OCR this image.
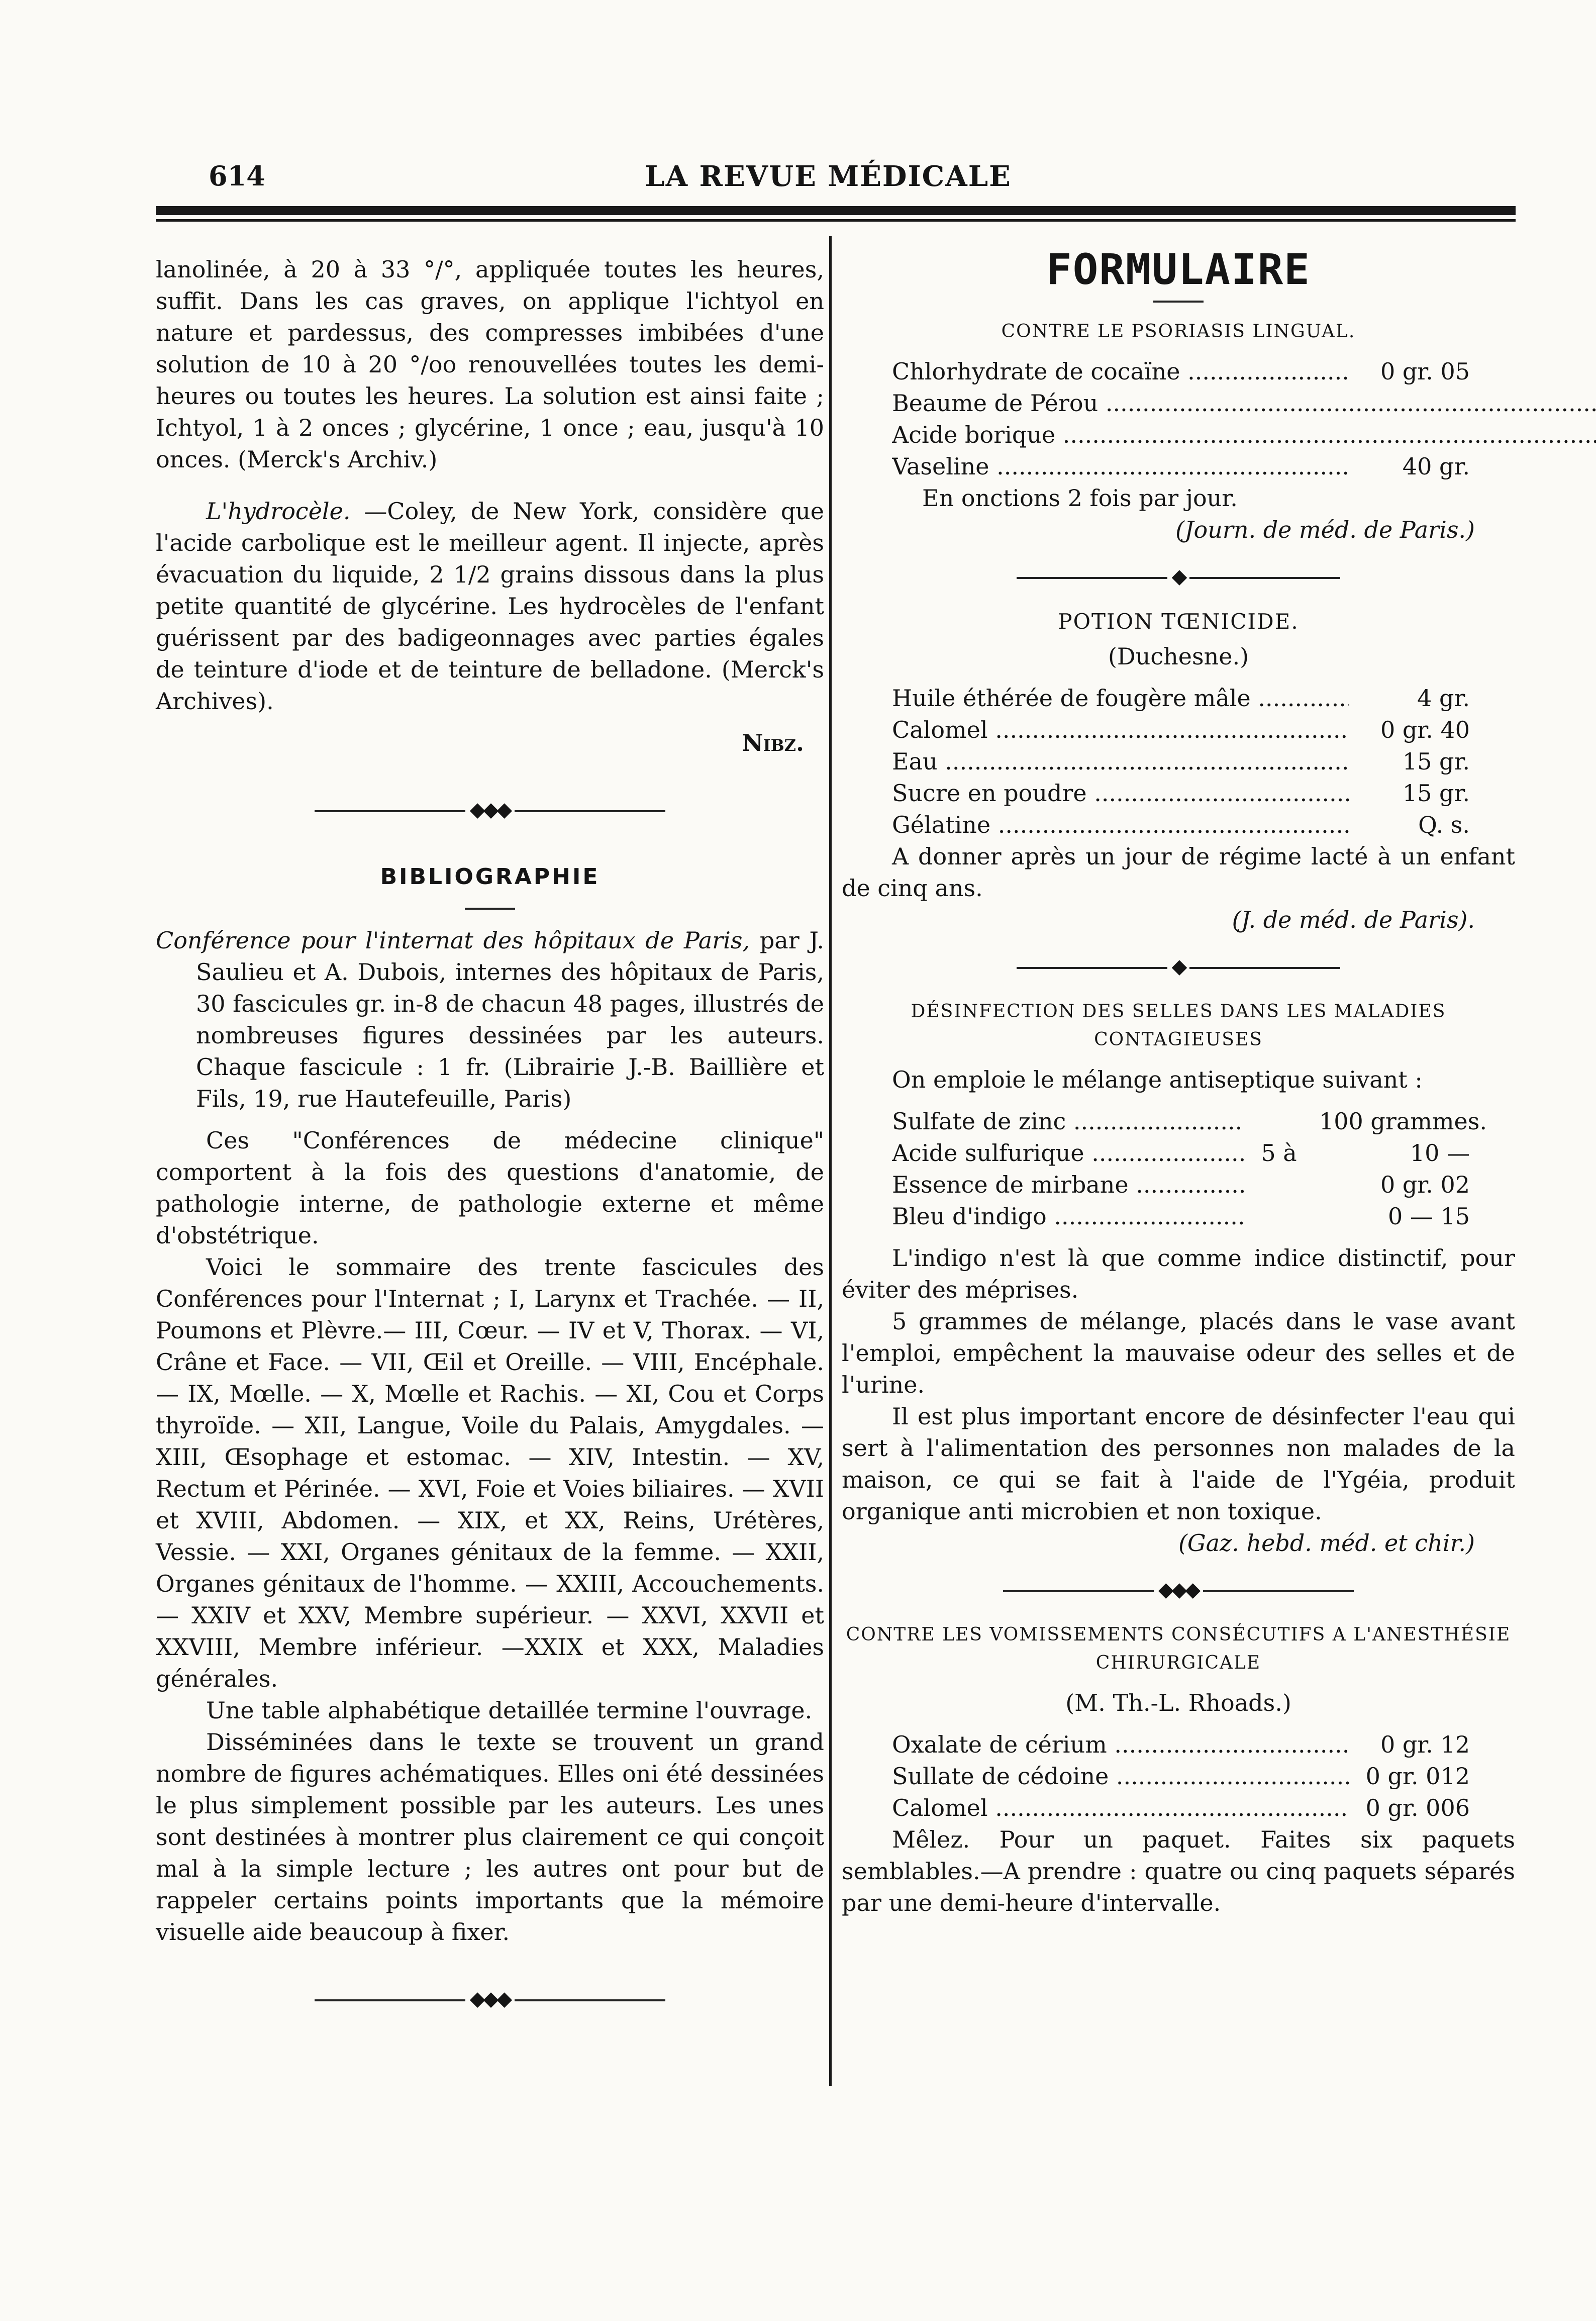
614	LA REVUE MÉDICALE

lanolinée, à 20 à 33 °/°, appliquée toutes les heures, suffit. Dans les cas graves, on applique l'ichtyol en nature et pardessus, des compresses imbibées d'une solution de 10 à 20 °/oo renouvellées toutes les demi-heures ou toutes les heures. La solution est ainsi faite ; Ichtyol, 1 à 2 onces ; glycérine, 1 once ; eau, jusqu'à 10 onces. (Merck's Archiv.)

L'hydrocèle. —Coley, de New York, considère que l'acide carbolique est le meilleur agent. Il injecte, après évacuation du liquide, 2 1/2 grains dissous dans la plus petite quantité de glycérine. Les hydrocèles de l'enfant guérissent par des badigeonnages avec parties égales de teinture d'iode et de teinture de belladone. (Merck's Archives).

Nibz.

◆◆◆
BIBLIOGRAPHIE

Conférence pour l'internat des hôpitaux de Paris, par J. Saulieu et A. Dubois, internes des hôpitaux de Paris, 30 fascicules gr. in-8 de chacun 48 pages, illustrés de nombreuses figures dessinées par les auteurs. Chaque fascicule : 1 fr. (Librairie J.-B. Baillière et Fils, 19, rue Hautefeuille, Paris)

Ces "Conférences de médecine clinique" comportent à la fois des questions d'anatomie, de pathologie interne, de pathologie externe et même d'obstétrique.

Voici le sommaire des trente fascicules des Conférences pour l'Internat ; I, Larynx et Trachée. — II, Poumons et Plèvre.— III, Cœur. — IV et V, Thorax. — VI, Crâne et Face. — VII, Œil et Oreille. — VIII, Encéphale. — IX, Mœlle. — X, Mœlle et Rachis. — XI, Cou et Corps thyroïde. — XII, Langue, Voile du Palais, Amygdales. — XIII, Œsophage et estomac. — XIV, Intestin. — XV, Rectum et Périnée. — XVI, Foie et Voies biliaires. — XVII et XVIII, Abdomen. — XIX, et XX, Reins, Urétères, Vessie. — XXI, Organes génitaux de la femme. — XXII, Organes génitaux de l'homme. — XXIII, Accouchements. — XXIV et XXV, Membre supérieur. — XXVI, XXVII et XXVIII, Membre inférieur. —XXIX et XXX, Maladies générales.

Une table alphabétique detaillée termine l'ouvrage.

Disséminées dans le texte se trouvent un grand nombre de figures achématiques. Elles oni été dessinées le plus simplement possible par les auteurs. Les unes sont destinées à montrer plus clairement ce qui conçoit mal à la simple lecture ; les autres ont pour but de rappeler certains points importants que la mémoire visuelle aide beaucoup à fixer.

◆◆◆
FORMULAIRE
CONTRE LE PSORIASIS LINGUAL.
Chlorhydrate de cocaïne .....	0 gr. 05
Beaume de Pérou .....
Acide borique .....
Vaseline .....	40 gr.

En onctions 2 fois par jour.

(Journ. de méd. de Paris.)

◆
POTION TŒNICIDE.
(Duchesne.)
Huile éthérée de fougère mâle .....	4 gr.
Calomel .....	0 gr. 40
Eau .....	15 gr.
Sucre en poudre .....	15 gr.
Gélatine .....	Q. s.

A donner après un jour de régime lacté à un enfant de cinq ans.

(J. de méd. de Paris).

◆
DÉSINFECTION DES SELLES DANS LES MALADIES CONTAGIEUSES

On emploie le mélange antiseptique suivant :

Sulfate de zinc .....	100 grammes.
Acide sulfurique .....	5 à	10 —
Essence de mirbane .....	0 gr. 02
Bleu d'indigo .....	0 — 15

L'indigo n'est là que comme indice distinctif, pour éviter des méprises.

5 grammes de mélange, placés dans le vase avant l'emploi, empêchent la mauvaise odeur des selles et de l'urine.

Il est plus important encore de désinfecter l'eau qui sert à l'alimentation des personnes non malades de la maison, ce qui se fait à l'aide de l'Ygéia, produit organique anti microbien et non toxique.

(Gaz. hebd. méd. et chir.)

◆◆◆
CONTRE LES VOMISSEMENTS CONSÉCUTIFS A L'ANESTHÉSIE CHIRURGICALE
(M. Th.-L. Rhoads.)
Oxalate de cérium .....	0 gr. 12
Sullate de cédoine .....	0 gr. 012
Calomel .....	0 gr. 006

Mêlez. Pour un paquet. Faites six paquets semblables.—A prendre : quatre ou cinq paquets séparés par une demi-heure d'intervalle.
